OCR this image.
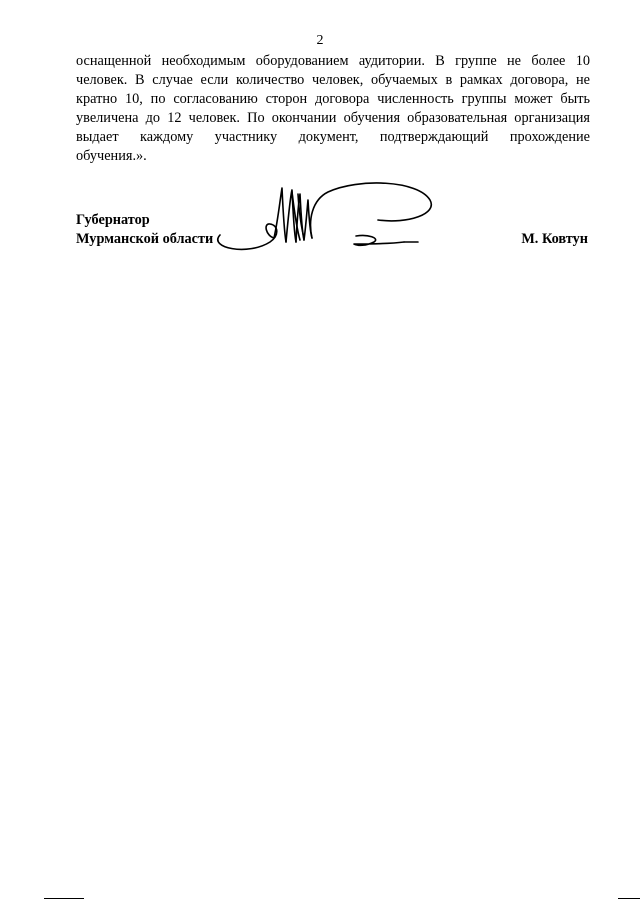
2
оснащенной необходимым оборудованием аудитории. В группе не более 10
человек. В случае если количество человек, обучаемых в рамках договора, не
кратно 10, по согласованию сторон договора численность группы может быть
увеличена до 12 человек. По окончании обучения образовательная организация
выдает каждому участнику документ, подтверждающий прохождение
обучения.».
Губернатор
Мурманской области	М. Ковтун
